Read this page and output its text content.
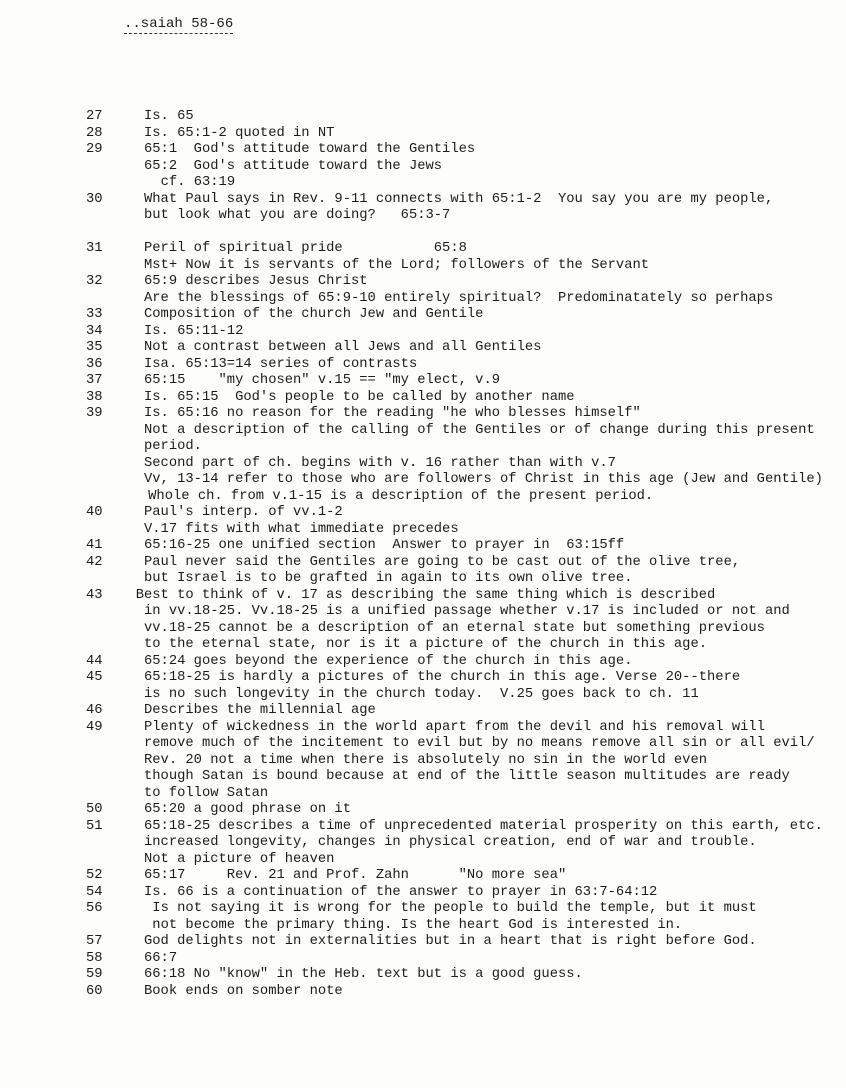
..saiah 58-66
27	Is. 65
28	Is. 65:1-2 quoted in NT
29	65:1  God's attitude toward the Gentiles
65:2  God's attitude toward the Jews
cf. 63:19
30	What Paul says in Rev. 9-11 connects with 65:1-2  You say you are my people,
but look what you are doing?   65:3-7
31	Peril of spiritual pride           65:8
Mst+ Now it is servants of the Lord; followers of the Servant
32	65:9 describes Jesus Christ
Are the blessings of 65:9-10 entirely spiritual?  Predominatately so perhaps
33	Composition of the church Jew and Gentile
34	Is. 65:11-12
35	Not a contrast between all Jews and all Gentiles
36	Isa. 65:13=14 series of contrasts
37	65:15    "my chosen" v.15 == "my elect, v.9
38	Is. 65:15  God's people to be called by another name
39	Is. 65:16 no reason for the reading "he who blesses himself"
Not a description of the calling of the Gentiles or of change during this present
period.
Second part of ch. begins with v. 16 rather than with v.7
Vv, 13-14 refer to those who are followers of Christ in this age (Jew and Gentile)
Whole ch. from v.1-15 is a description of the present period.
40	Paul's interp. of vv.1-2
V.17 fits with what immediate precedes
41	65:16-25 one unified section  Answer to prayer in  63:15ff
42	Paul never said the Gentiles are going to be cast out of the olive tree,
but Israel is to be grafted in again to its own olive tree.
43 Best to think of v. 17 as describing the same thing which is described
in vv.18-25. Vv.18-25 is a unified passage whether v.17 is included or not and
vv.18-25 cannot be a description of an eternal state but something previous
to the eternal state, nor is it a picture of the church in this age.
44	65:24 goes beyond the experience of the church in this age.
45	65:18-25 is hardly a pictures of the church in this age. Verse 20--there
is no such longevity in the church today.  V.25 goes back to ch. 11
46	Describes the millennial age
49	Plenty of wickedness in the world apart from the devil and his removal will
remove much of the incitement to evil but by no means remove all sin or all evil/
Rev. 20 not a time when there is absolutely no sin in the world even
though Satan is bound because at end of the little season multitudes are ready
to follow Satan
50	65:20 a good phrase on it
51	65:18-25 describes a time of unprecedented material prosperity on this earth, etc.
increased longevity, changes in physical creation, end of war and trouble.
Not a picture of heaven
52	65:17     Rev. 21 and Prof. Zahn      "No more sea"
54	Is. 66 is a continuation of the answer to prayer in 63:7-64:12
56	Is not saying it is wrong for the people to build the temple, but it must
not become the primary thing. Is the heart God is interested in.
57	God delights not in externalities but in a heart that is right before God.
58	66:7
59	66:18 No "know" in the Heb. text but is a good guess.
60	Book ends on somber note
